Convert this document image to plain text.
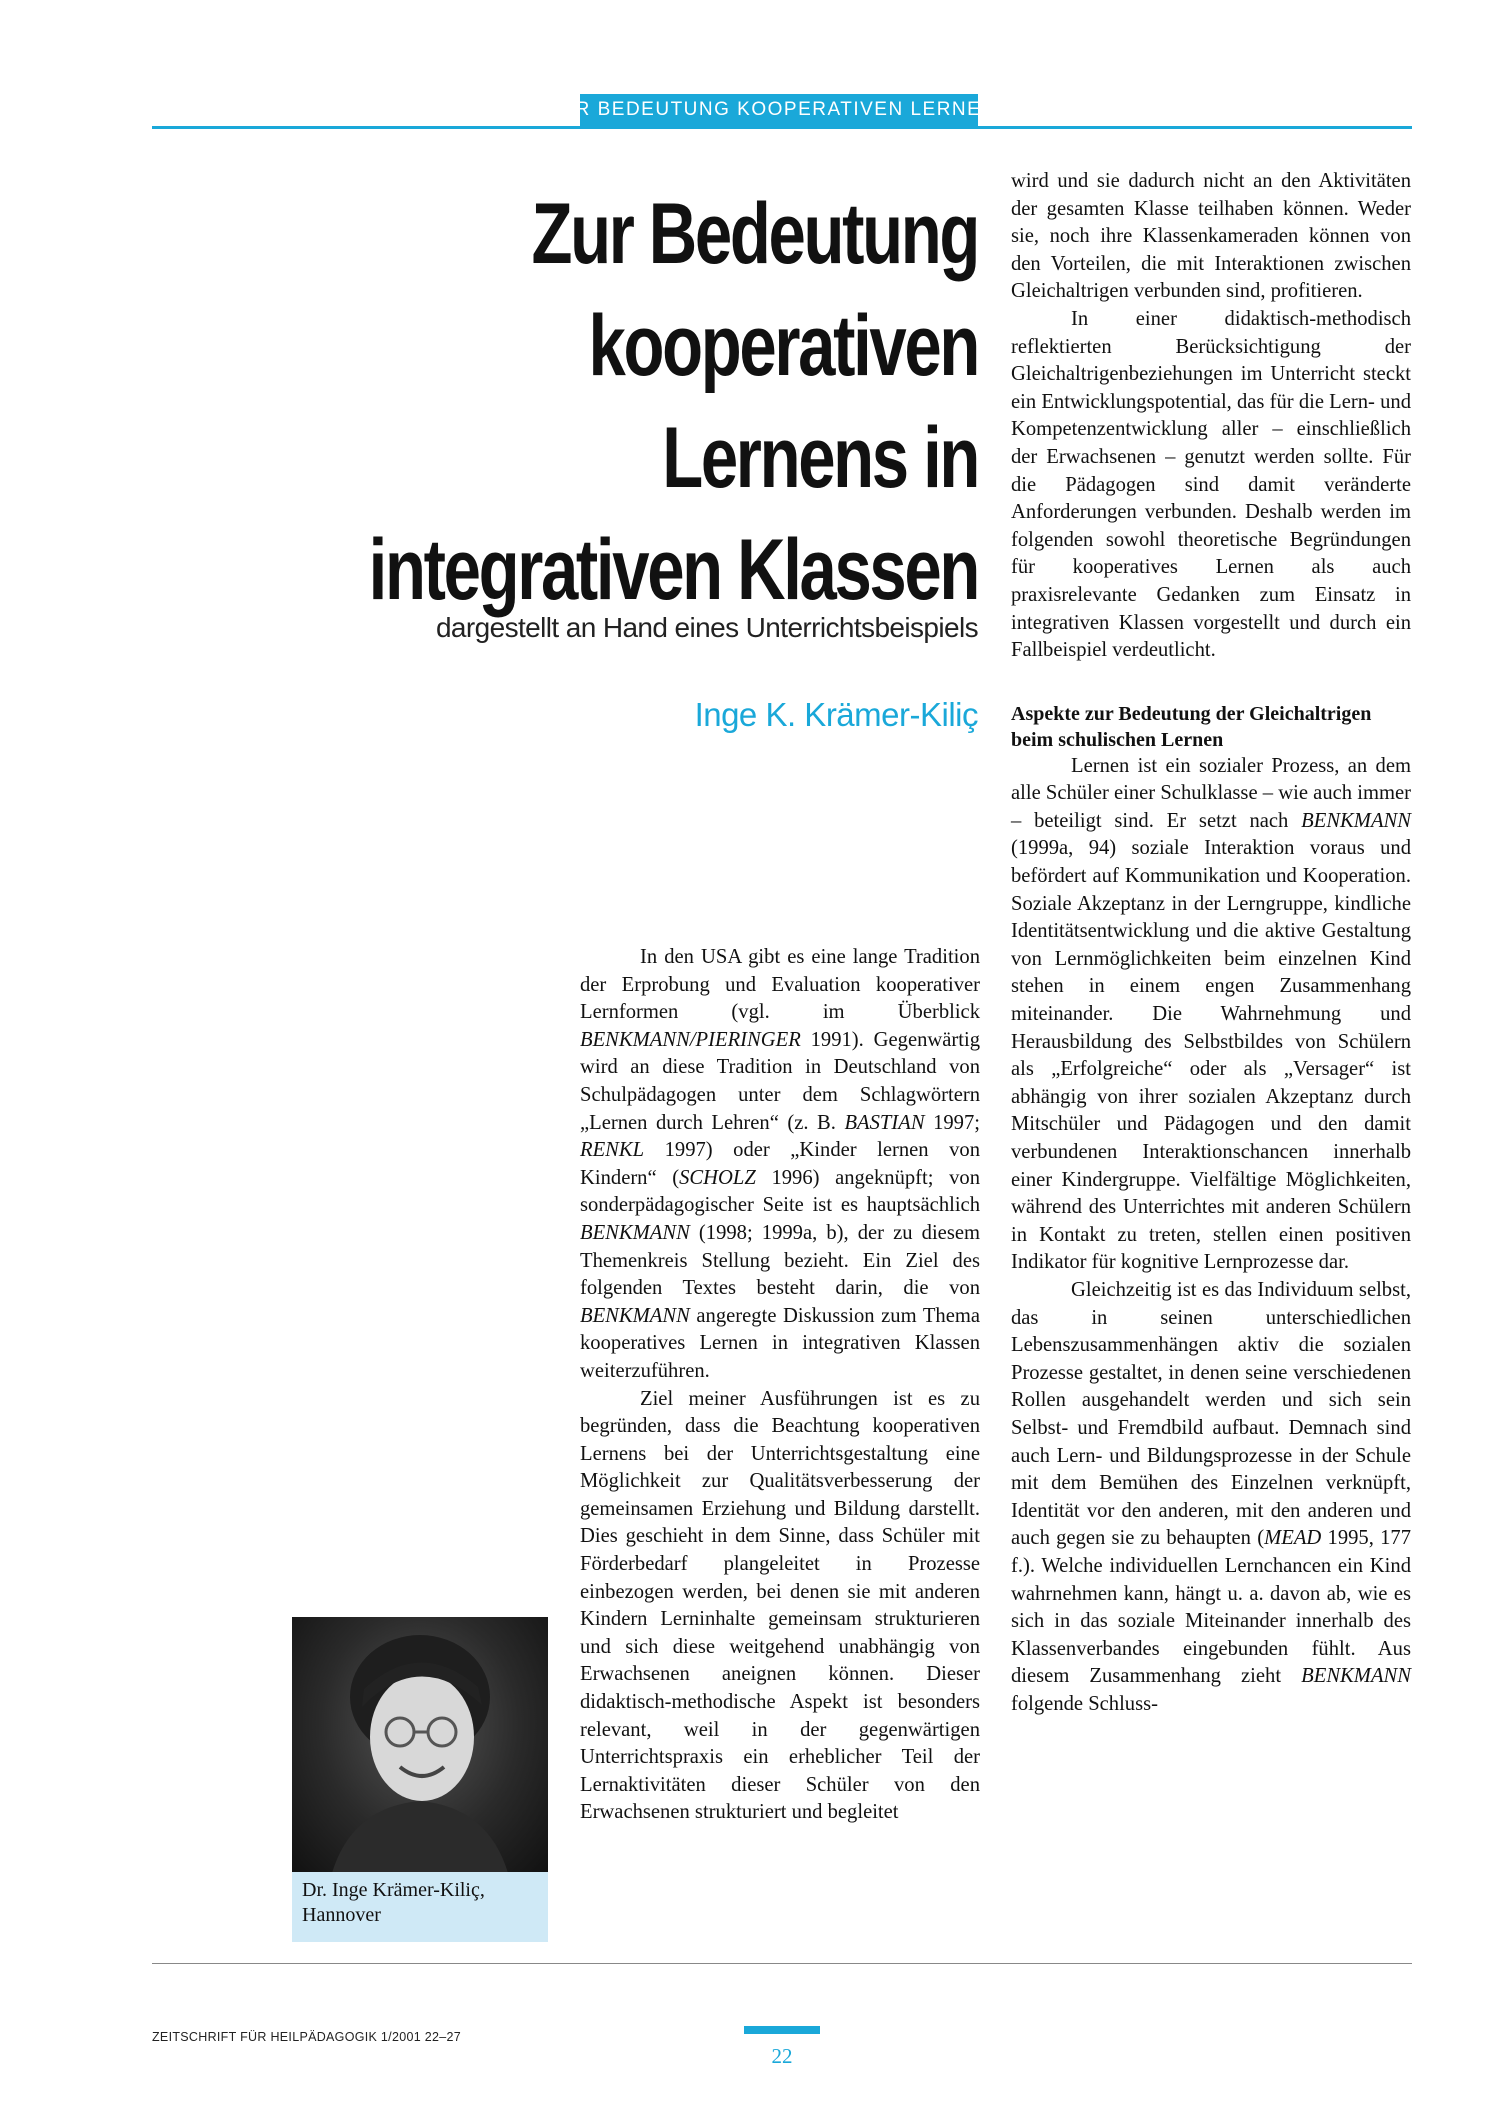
ZUR BEDEUTUNG KOOPERATIVEN LERNENS
Zur Bedeutung
kooperativen Lernens in
integrativen Klassen
dargestellt an Hand eines Unterrichtsbeispiels
Inge K. Krämer-Kiliç

In den USA gibt es eine lange Tradition der Erprobung und Evaluation kooperativer Lernformen (vgl. im Überblick BENKMANN/PIERINGER 1991). Gegenwärtig wird an diese Tradition in Deutschland von Schulpädagogen unter dem Schlagwörtern „Lernen durch Lehren“ (z. B. BASTIAN 1997; RENKL 1997) oder „Kinder lernen von Kindern“ (SCHOLZ 1996) angeknüpft; von sonderpädagogischer Seite ist es hauptsächlich BENKMANN (1998; 1999a, b), der zu diesem Themenkreis Stellung bezieht. Ein Ziel des folgenden Textes besteht darin, die von BENKMANN angeregte Diskussion zum Thema kooperatives Lernen in integrativen Klassen weiterzuführen.

Ziel meiner Ausführungen ist es zu begründen, dass die Beachtung kooperativen Lernens bei der Unterrichtsgestaltung eine Möglichkeit zur Qualitätsverbesserung der gemeinsamen Erziehung und Bildung darstellt. Dies geschieht in dem Sinne, dass Schüler mit Förderbedarf plangeleitet in Prozesse einbezogen werden, bei denen sie mit anderen Kindern Lerninhalte gemeinsam strukturieren und sich diese weitgehend unabhängig von Erwachsenen aneignen können. Dieser didaktisch-methodische Aspekt ist besonders relevant, weil in der gegenwärtigen Unterrichtspraxis ein erheblicher Teil der Lernaktivitäten dieser Schüler von den Erwachsenen strukturiert und begleitet

wird und sie dadurch nicht an den Aktivitäten der gesamten Klasse teilhaben können. Weder sie, noch ihre Klassenkameraden können von den Vorteilen, die mit Interaktionen zwischen Gleichaltrigen verbunden sind, profitieren.

In einer didaktisch-methodisch reflektierten Berücksichtigung der Gleichaltrigenbeziehungen im Unterricht steckt ein Entwicklungspotential, das für die Lern- und Kompetenzentwicklung aller – einschließlich der Erwachsenen – genutzt werden sollte. Für die Pädagogen sind damit veränderte Anforderungen verbunden. Deshalb werden im folgenden sowohl theoretische Begründungen für kooperatives Lernen als auch praxisrelevante Gedanken zum Einsatz in integrativen Klassen vorgestellt und durch ein Fallbeispiel verdeutlicht.

Aspekte zur Bedeutung der Gleichaltrigen beim schulischen Lernen

Lernen ist ein sozialer Prozess, an dem alle Schüler einer Schulklasse – wie auch immer – beteiligt sind. Er setzt nach BENKMANN (1999a, 94) soziale Interaktion voraus und befördert auf Kommunikation und Kooperation. Soziale Akzeptanz in der Lerngruppe, kindliche Identitätsentwicklung und die aktive Gestaltung von Lernmöglichkeiten beim einzelnen Kind stehen in einem engen Zusammenhang miteinander. Die Wahrnehmung und Herausbildung des Selbstbildes von Schülern als „Erfolgreiche“ oder als „Versager“ ist abhängig von ihrer sozialen Akzeptanz durch Mitschüler und Pädagogen und den damit verbundenen Interaktionschancen innerhalb einer Kindergruppe. Vielfältige Möglichkeiten, während des Unterrichtes mit anderen Schülern in Kontakt zu treten, stellen einen positiven Indikator für kognitive Lernprozesse dar.

Gleichzeitig ist es das Individuum selbst, das in seinen unterschiedlichen Lebenszusammenhängen aktiv die sozialen Prozesse gestaltet, in denen seine verschiedenen Rollen ausgehandelt werden und sich sein Selbst- und Fremdbild aufbaut. Demnach sind auch Lern- und Bildungsprozesse in der Schule mit dem Bemühen des Einzelnen verknüpft, Identität vor den anderen, mit den anderen und auch gegen sie zu behaupten (MEAD 1995, 177 f.). Welche individuellen Lernchancen ein Kind wahrnehmen kann, hängt u. a. davon ab, wie es sich in das soziale Miteinander innerhalb des Klassenverbandes eingebunden fühlt. Aus diesem Zusammenhang zieht BENKMANN folgende Schluss-

Dr. Inge Krämer-Kiliç,
Hannover
ZEITSCHRIFT FÜR HEILPÄDAGOGIK 1/2001 22–27
22
